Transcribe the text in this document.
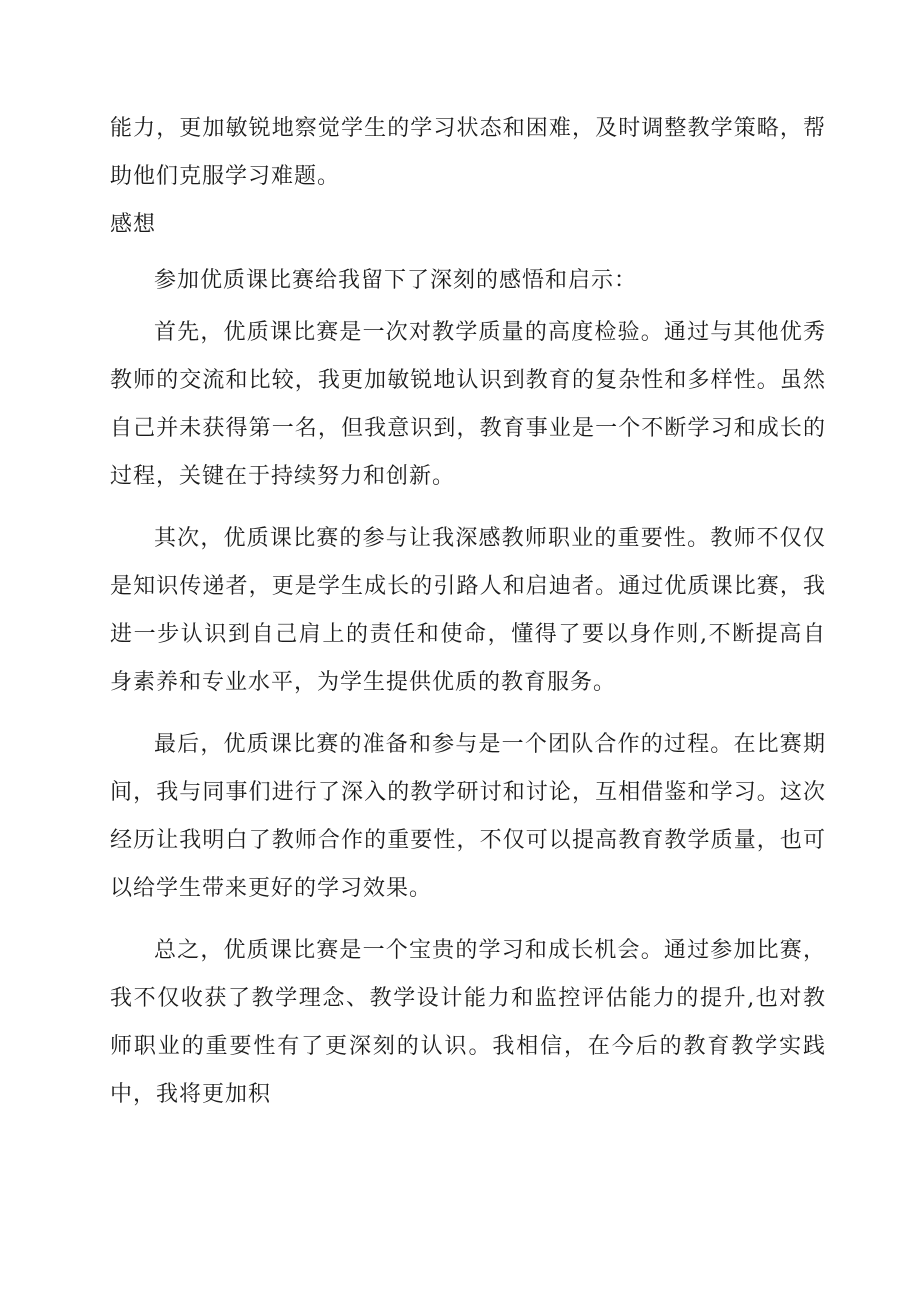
能力，更加敏锐地察觉学生的学习状态和困难，及时调整教学策略，帮助他们克服学习难题。

感想

参加优质课比赛给我留下了深刻的感悟和启示：

首先，优质课比赛是一次对教学质量的高度检验。通过与其他优秀教师的交流和比较，我更加敏锐地认识到教育的复杂性和多样性。虽然自己并未获得第一名，但我意识到，教育事业是一个不断学习和成长的过程，关键在于持续努力和创新。

其次，优质课比赛的参与让我深感教师职业的重要性。教师不仅仅是知识传递者，更是学生成长的引路人和启迪者。通过优质课比赛，我进一步认识到自己肩上的责任和使命，懂得了要以身作则,不断提高自身素养和专业水平，为学生提供优质的教育服务。

最后，优质课比赛的准备和参与是一个团队合作的过程。在比赛期间，我与同事们进行了深入的教学研讨和讨论，互相借鉴和学习。这次经历让我明白了教师合作的重要性，不仅可以提高教育教学质量，也可以给学生带来更好的学习效果。

总之，优质课比赛是一个宝贵的学习和成长机会。通过参加比赛，我不仅收获了教学理念、教学设计能力和监控评估能力的提升,也对教师职业的重要性有了更深刻的认识。我相信，在今后的教育教学实践中，我将更加积
